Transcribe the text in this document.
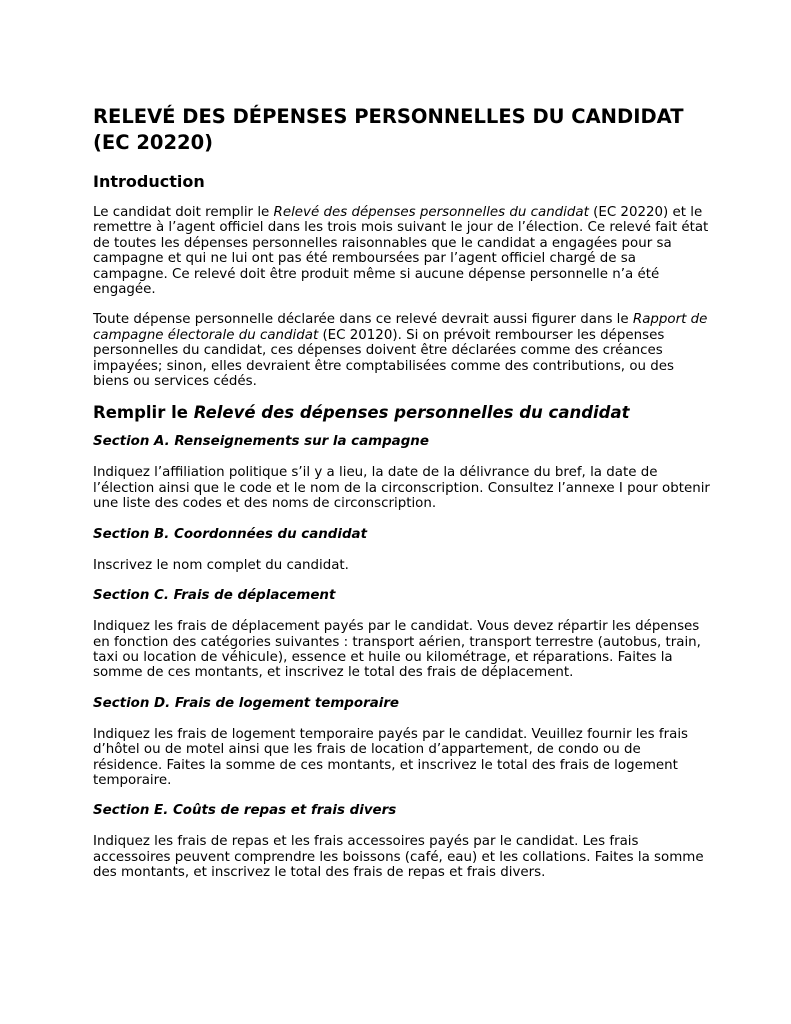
RELEVÉ DES DÉPENSES PERSONNELLES DU CANDIDAT (EC 20220)
Introduction

Le candidat doit remplir le Relevé des dépenses personnelles du candidat (EC 20220) et le remettre à l’agent officiel dans les trois mois suivant le jour de l’élection. Ce relevé fait état de toutes les dépenses personnelles raisonnables que le candidat a engagées pour sa campagne et qui ne lui ont pas été remboursées par l’agent officiel chargé de sa campagne. Ce relevé doit être produit même si aucune dépense personnelle n’a été engagée.

Toute dépense personnelle déclarée dans ce relevé devrait aussi figurer dans le Rapport de campagne électorale du candidat (EC 20120). Si on prévoit rembourser les dépenses personnelles du candidat, ces dépenses doivent être déclarées comme des créances impayées; sinon, elles devraient être comptabilisées comme des contributions, ou des biens ou services cédés.

Remplir le Relevé des dépenses personnelles du candidat
Section A. Renseignements sur la campagne

Indiquez l’affiliation politique s’il y a lieu, la date de la délivrance du bref, la date de l’élection ainsi que le code et le nom de la circonscription. Consultez l’annexe I pour obtenir une liste des codes et des noms de circonscription.

Section B. Coordonnées du candidat

Inscrivez le nom complet du candidat.

Section C. Frais de déplacement

Indiquez les frais de déplacement payés par le candidat. Vous devez répartir les dépenses en fonction des catégories suivantes : transport aérien, transport terrestre (autobus, train, taxi ou location de véhicule), essence et huile ou kilométrage, et réparations. Faites la somme de ces montants, et inscrivez le total des frais de déplacement.

Section D. Frais de logement temporaire

Indiquez les frais de logement temporaire payés par le candidat. Veuillez fournir les frais d’hôtel ou de motel ainsi que les frais de location d’appartement, de condo ou de résidence. Faites la somme de ces montants, et inscrivez le total des frais de logement temporaire.

Section E. Coûts de repas et frais divers

Indiquez les frais de repas et les frais accessoires payés par le candidat. Les frais accessoires peuvent comprendre les boissons (café, eau) et les collations. Faites la somme des montants, et inscrivez le total des frais de repas et frais divers.
